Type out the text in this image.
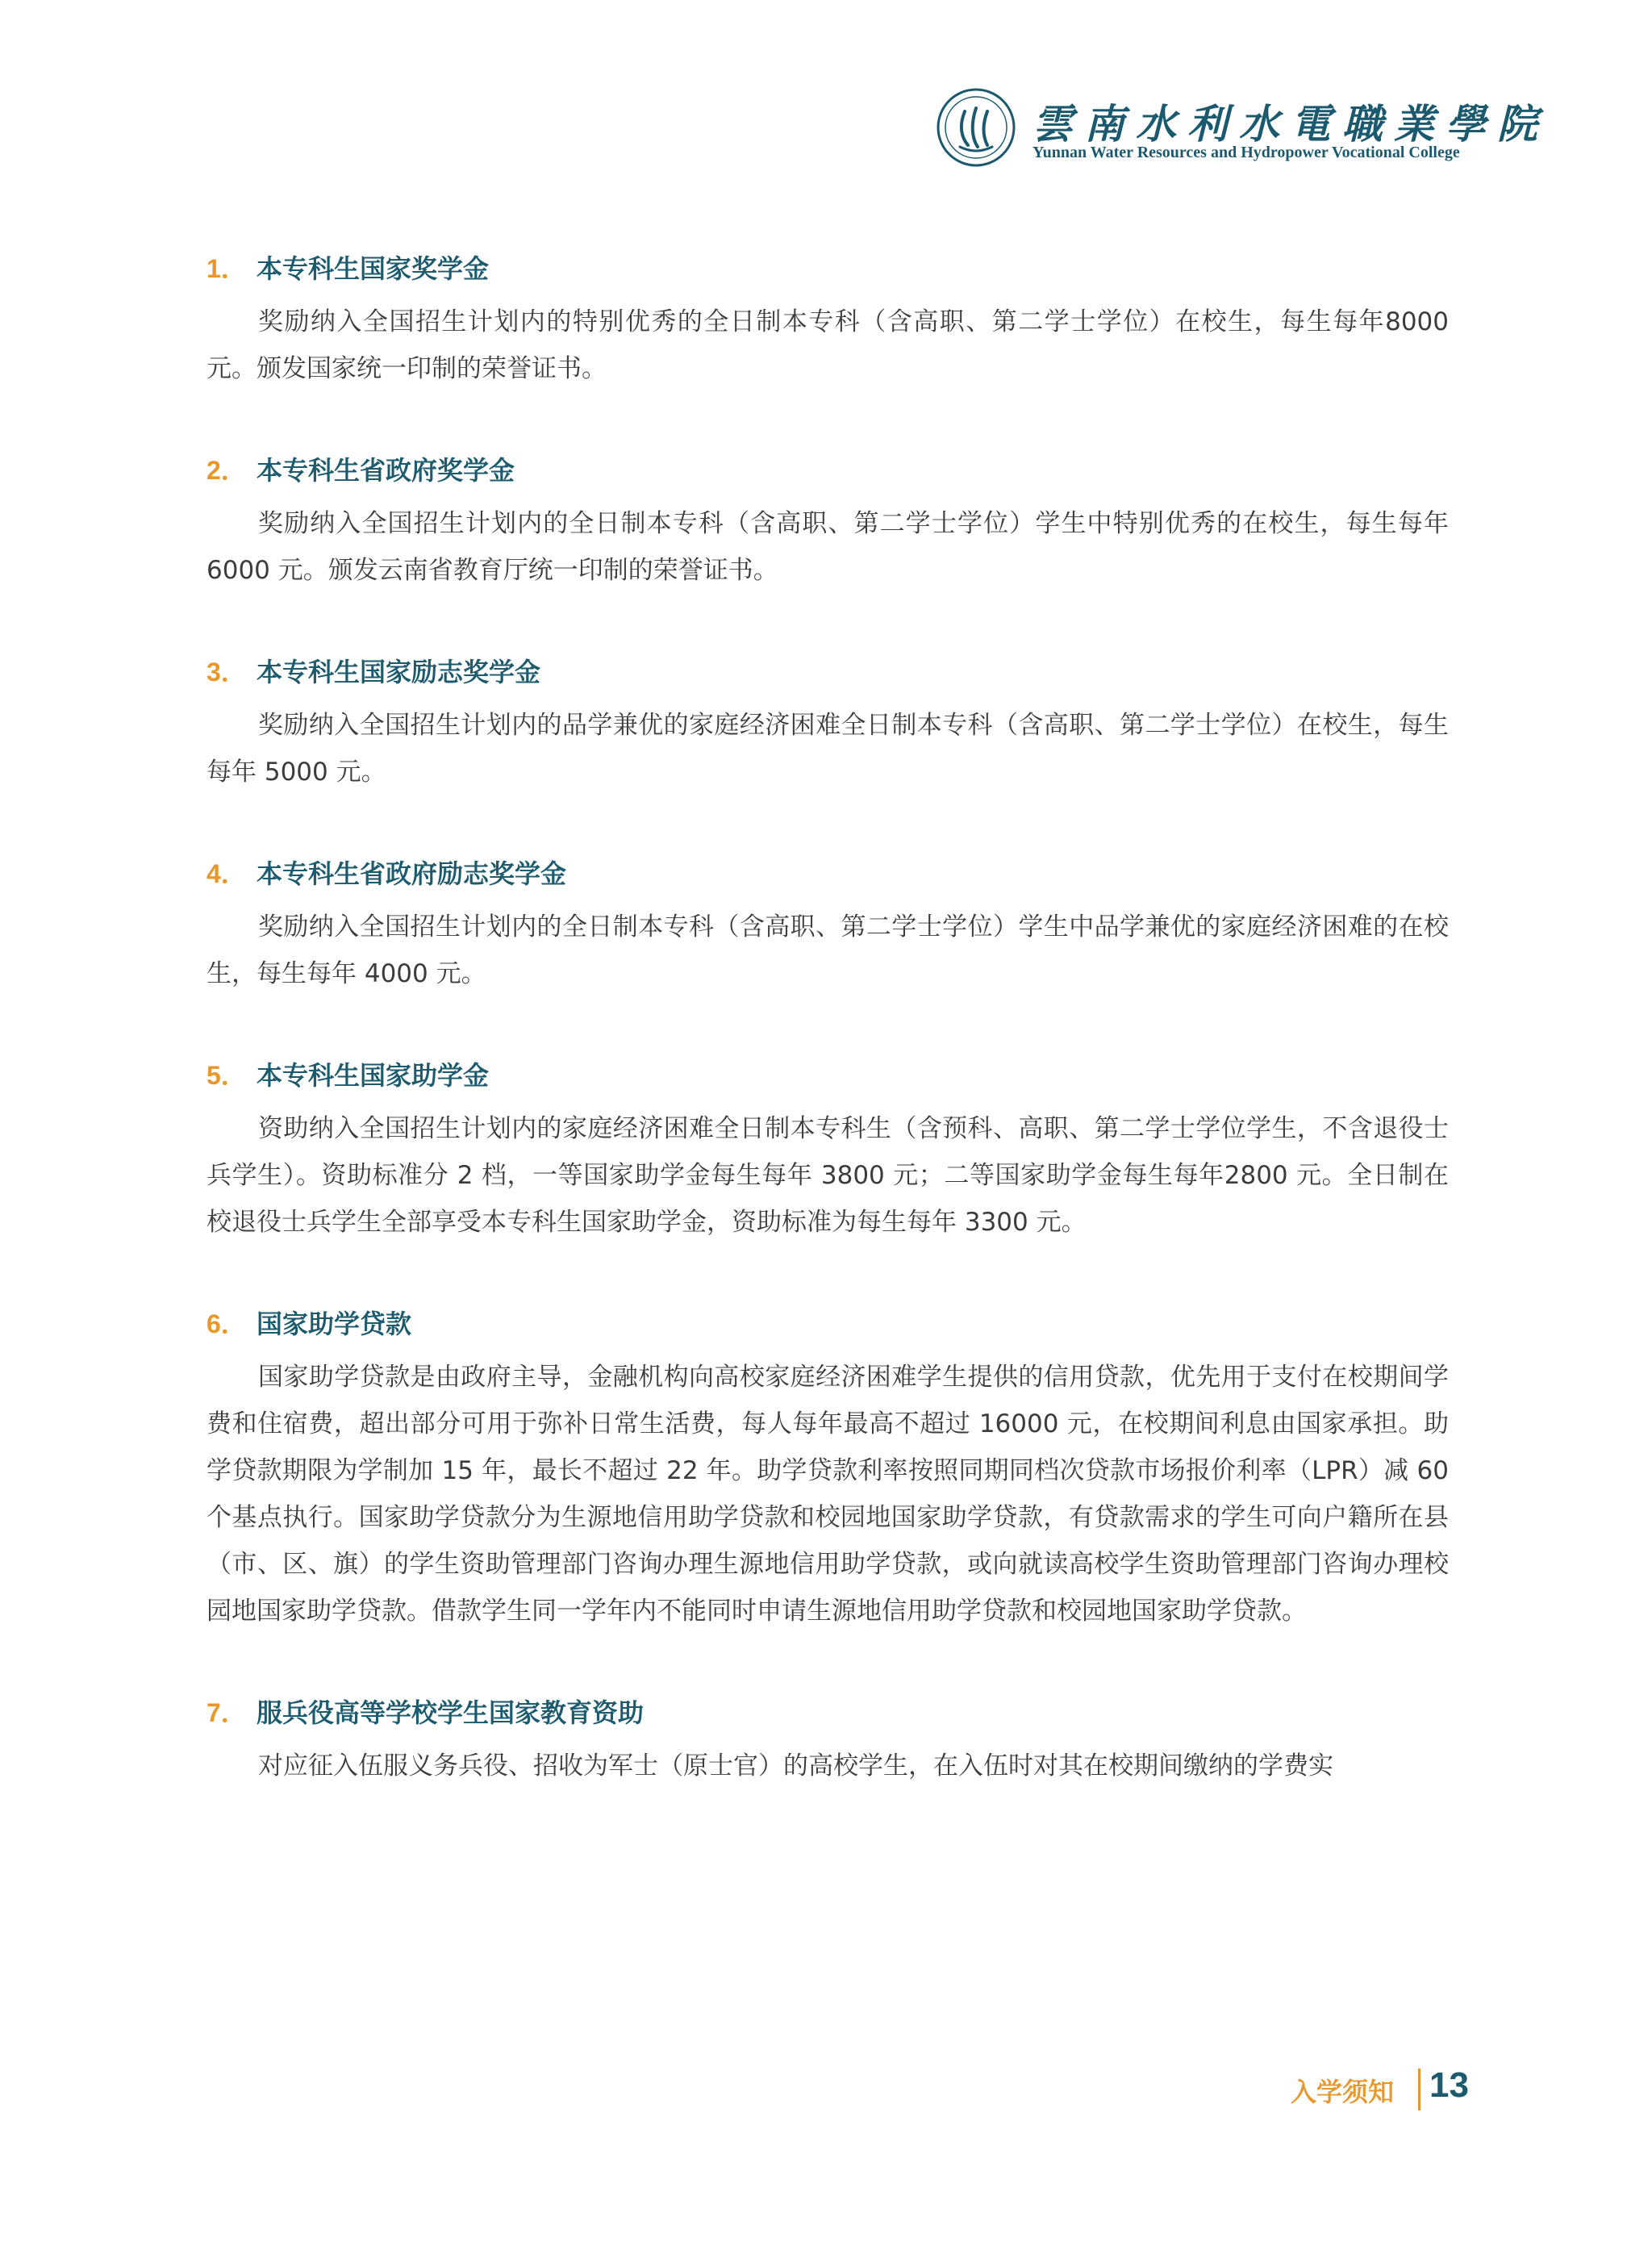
雲南水利水電職業學院
Yunnan Water Resources and Hydropower Vocational College
1． 本专科生国家奖学金

奖励纳入全国招生计划内的特别优秀的全日制本专科（含高职、第二学士学位）在校生，每生每年8000 元。颁发国家统一印制的荣誉证书。

2． 本专科生省政府奖学金

奖励纳入全国招生计划内的全日制本专科（含高职、第二学士学位）学生中特别优秀的在校生，每生每年 6000 元。颁发云南省教育厅统一印制的荣誉证书。

3． 本专科生国家励志奖学金

奖励纳入全国招生计划内的品学兼优的家庭经济困难全日制本专科（含高职、第二学士学位）在校生，每生每年 5000 元。

4． 本专科生省政府励志奖学金

奖励纳入全国招生计划内的全日制本专科（含高职、第二学士学位）学生中品学兼优的家庭经济困难的在校生，每生每年 4000 元。

5． 本专科生国家助学金

资助纳入全国招生计划内的家庭经济困难全日制本专科生（含预科、高职、第二学士学位学生，不含退役士兵学生）。资助标准分 2 档，一等国家助学金每生每年 3800 元；二等国家助学金每生每年2800 元。全日制在校退役士兵学生全部享受本专科生国家助学金，资助标准为每生每年 3300 元。

6． 国家助学贷款

国家助学贷款是由政府主导，金融机构向高校家庭经济困难学生提供的信用贷款，优先用于支付在校期间学费和住宿费，超出部分可用于弥补日常生活费，每人每年最高不超过 16000 元，在校期间利息由国家承担。助学贷款期限为学制加 15 年，最长不超过 22 年。助学贷款利率按照同期同档次贷款市场报价利率（LPR）减 60 个基点执行。国家助学贷款分为生源地信用助学贷款和校园地国家助学贷款，有贷款需求的学生可向户籍所在县（市、区、旗）的学生资助管理部门咨询办理生源地信用助学贷款，或向就读高校学生资助管理部门咨询办理校园地国家助学贷款。借款学生同一学年内不能同时申请生源地信用助学贷款和校园地国家助学贷款。

7． 服兵役高等学校学生国家教育资助

对应征入伍服义务兵役、招收为军士（原士官）的高校学生，在入伍时对其在校期间缴纳的学费实

入学须知 13
